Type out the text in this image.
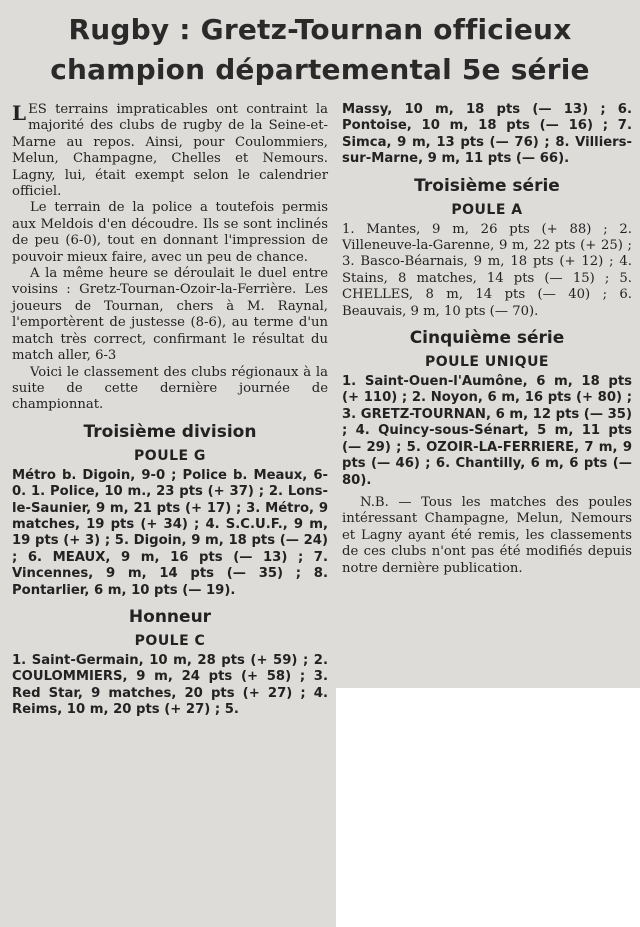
Rugby : Gretz-Tournan officieux
champion départemental 5e série

LES terrains impraticables ont contraint la majorité des clubs de rugby de la Seine-et-Marne au repos. Ainsi, pour Coulommiers, Melun, Champagne, Chelles et Nemours. Lagny, lui, était exempt selon le calendrier officiel.

Le terrain de la police a toutefois permis aux Meldois d'en découdre. Ils se sont inclinés de peu (6-0), tout en donnant l'impression de pouvoir mieux faire, avec un peu de chance.

A la même heure se déroulait le duel entre voisins : Gretz-Tournan-Ozoir-la-Ferrière. Les joueurs de Tournan, chers à M. Raynal, l'emportèrent de justesse (8-6), au terme d'un match très correct, confirmant le résultat du match aller, 6-3

Voici le classement des clubs régionaux à la suite de cette dernière journée de championnat.

Troisième division
POULE G
Métro b. Digoin, 9-0 ; Police b. Meaux, 6-0. 1. Police, 10 m., 23 pts (+ 37) ; 2. Lons-le-Saunier, 9 m, 21 pts (+ 17) ; 3. Métro, 9 matches, 19 pts (+ 34) ; 4. S.C.U.F., 9 m, 19 pts (+ 3) ; 5. Digoin, 9 m, 18 pts (— 24) ; 6. MEAUX, 9 m, 16 pts (— 13) ; 7. Vincennes, 9 m, 14 pts (— 35) ; 8. Pontarlier, 6 m, 10 pts (— 19).
Honneur
POULE C
1. Saint-Germain, 10 m, 28 pts (+ 59) ; 2. COULOMMIERS, 9 m, 24 pts (+ 58) ; 3. Red Star, 9 matches, 20 pts (+ 27) ; 4. Reims, 10 m, 20 pts (+ 27) ; 5.
Massy, 10 m, 18 pts (— 13) ; 6. Pontoise, 10 m, 18 pts (— 16) ; 7. Simca, 9 m, 13 pts (— 76) ; 8. Villiers-sur-Marne, 9 m, 11 pts (— 66).
Troisième série
POULE A
1. Mantes, 9 m, 26 pts (+ 88) ; 2. Villeneuve-la-Garenne, 9 m, 22 pts (+ 25) ; 3. Basco-Béarnais, 9 m, 18 pts (+ 12) ; 4. Stains, 8 matches, 14 pts (— 15) ; 5. CHELLES, 8 m, 14 pts (— 40) ; 6. Beauvais, 9 m, 10 pts (— 70).
Cinquième série
POULE UNIQUE
1. Saint-Ouen-l'Aumône, 6 m, 18 pts (+ 110) ; 2. Noyon, 6 m, 16 pts (+ 80) ; 3. GRETZ-TOURNAN, 6 m, 12 pts (— 35) ; 4. Quincy-sous-Sénart, 5 m, 11 pts (— 29) ; 5. OZOIR-LA-FERRIERE, 7 m, 9 pts (— 46) ; 6. Chantilly, 6 m, 6 pts (— 80).

N.B. — Tous les matches des poules intéressant Champagne, Melun, Nemours et Lagny ayant été remis, les classements de ces clubs n'ont pas été modifiés depuis notre dernière publication.
